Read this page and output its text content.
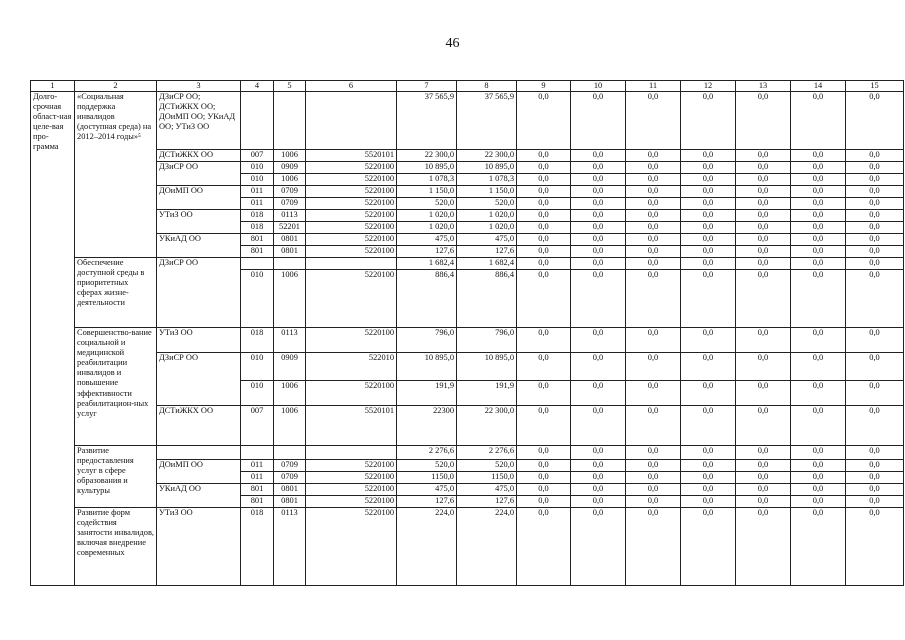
46
1	2	3	4	5	6	7	8	9	10	11	12	13	14	15
Долго-срочная област-ная целе-вая про-грамма	«Социальная поддержка инвалидов (доступная среда) на 2012–2014 годы»⁵	ДЗиСР ОО; ДСТиЖКХ ОО; ДОиМП ОО; УКиАД ОО; УТиЗ ОО				37 565,9	37 565,9	0,0	0,0	0,0	0,0	0,0	0,0	0,0
		ДСТиЖКХ ОО	007	1006	5520101	22 300,0	22 300,0	0,0	0,0	0,0	0,0	0,0	0,0	0,0
		ДЗиСР ОО	010	0909	5220100	10 895,0	10 895,0	0,0	0,0	0,0	0,0	0,0	0,0	0,0
			010	1006	5220100	1 078,3	1 078,3	0,0	0,0	0,0	0,0	0,0	0,0	0,0
		ДОиМП ОО	011	0709	5220100	1 150,0	1 150,0	0,0	0,0	0,0	0,0	0,0	0,0	0,0
			011	0709	5220100	520,0	520,0	0,0	0,0	0,0	0,0	0,0	0,0	0,0
		УТиЗ ОО	018	0113	5220100	1 020,0	1 020,0	0,0	0,0	0,0	0,0	0,0	0,0	0,0
			018	52201	5220100	1 020,0	1 020,0	0,0	0,0	0,0	0,0	0,0	0,0	0,0
		УКиАД ОО	801	0801	5220100	475,0	475,0	0,0	0,0	0,0	0,0	0,0	0,0	0,0
			801	0801	5220100	127,6	127,6	0,0	0,0	0,0	0,0	0,0	0,0	0,0
	Обеспечение доступной среды в приоритетных сферах жизне-деятельности	ДЗиСР ОО				1 682,4	1 682,4	0,0	0,0	0,0	0,0	0,0	0,0	0,0
			010	1006	5220100	886,4	886,4	0,0	0,0	0,0	0,0	0,0	0,0	0,0
	Совершенство-вание социальной и медицинской реабилитации инвалидов и повышение эффективности реабилитацион-ных услуг	УТиЗ ОО	018	0113	5220100	796,0	796,0	0,0	0,0	0,0	0,0	0,0	0,0	0,0
		ДЗиСР ОО	010	0909	522010	10 895,0	10 895,0	0,0	0,0	0,0	0,0	0,0	0,0	0,0
			010	1006	5220100	191,9	191,9	0,0	0,0	0,0	0,0	0,0	0,0	0,0
		ДСТиЖКХ ОО	007	1006	5520101	22300	22 300,0	0,0	0,0	0,0	0,0	0,0	0,0	0,0
	Развитие предоставления услуг в сфере образования и культуры					2 276,6	2 276,6	0,0	0,0	0,0	0,0	0,0	0,0	0,0
		ДОиМП ОО	011	0709	5220100	520,0	520,0	0,0	0,0	0,0	0,0	0,0	0,0	0,0
			011	0709	5220100	1150,0	1150,0	0,0	0,0	0,0	0,0	0,0	0,0	0,0
		УКиАД ОО	801	0801	5220100	475,0	475,0	0,0	0,0	0,0	0,0	0,0	0,0	0,0
			801	0801	5220100	127,6	127,6	0,0	0,0	0,0	0,0	0,0	0,0	0,0
	Развитие форм содействия занятости инвалидов, включая внедрение современных	УТиЗ ОО	018	0113	5220100	224,0	224,0	0,0	0,0	0,0	0,0	0,0	0,0	0,0
